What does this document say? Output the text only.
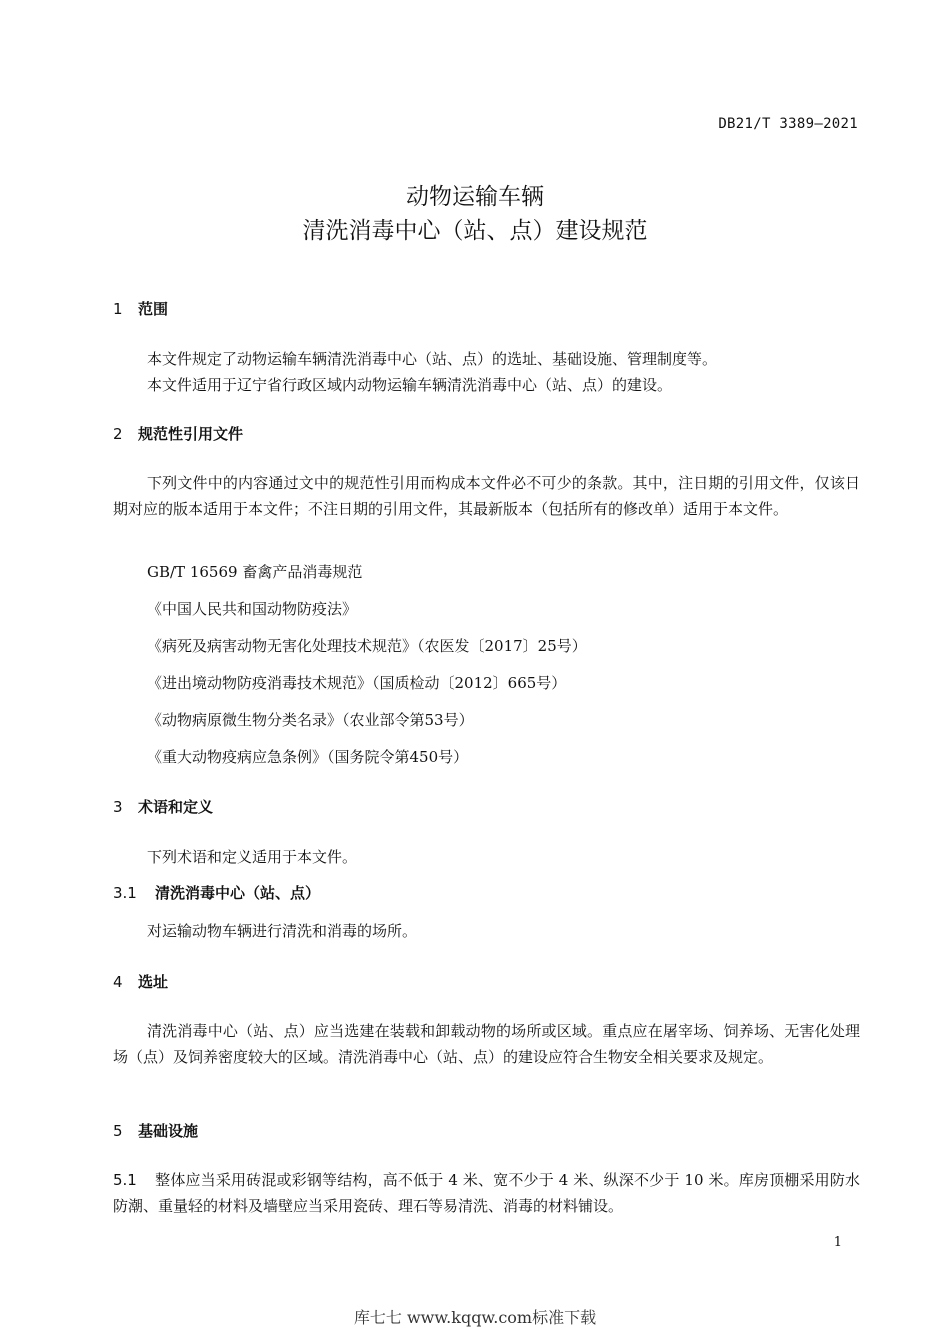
DB21/T 3389—2021
动物运输车辆
清洗消毒中心（站、点）建设规范
1 范围
本文件规定了动物运输车辆清洗消毒中心（站、点）的选址、基础设施、管理制度等。
本文件适用于辽宁省行政区域内动物运输车辆清洗消毒中心（站、点）的建设。
2 规范性引用文件
下列文件中的内容通过文中的规范性引用而构成本文件必不可少的条款。其中，注日期的引用文件，仅该日期对应的版本适用于本文件；不注日期的引用文件，其最新版本（包括所有的修改单）适用于本文件。
GB/T 16569 畜禽产品消毒规范
《中国人民共和国动物防疫法》
《病死及病害动物无害化处理技术规范》（农医发〔2017〕25号）
《进出境动物防疫消毒技术规范》（国质检动〔2012〕665号）
《动物病原微生物分类名录》（农业部令第53号）
《重大动物疫病应急条例》（国务院令第450号）
3 术语和定义
下列术语和定义适用于本文件。
3.1 清洗消毒中心（站、点）
对运输动物车辆进行清洗和消毒的场所。
4 选址
清洗消毒中心（站、点）应当选建在装载和卸载动物的场所或区域。重点应在屠宰场、饲养场、无害化处理场（点）及饲养密度较大的区域。清洗消毒中心（站、点）的建设应符合生物安全相关要求及规定。
5 基础设施
5.1 整体应当采用砖混或彩钢等结构，高不低于 4 米、宽不少于 4 米、纵深不少于 10 米。库房顶棚采用防水防潮、重量轻的材料及墙壁应当采用瓷砖、理石等易清洗、消毒的材料铺设。
1
库七七 www.kqqw.com标准下载
